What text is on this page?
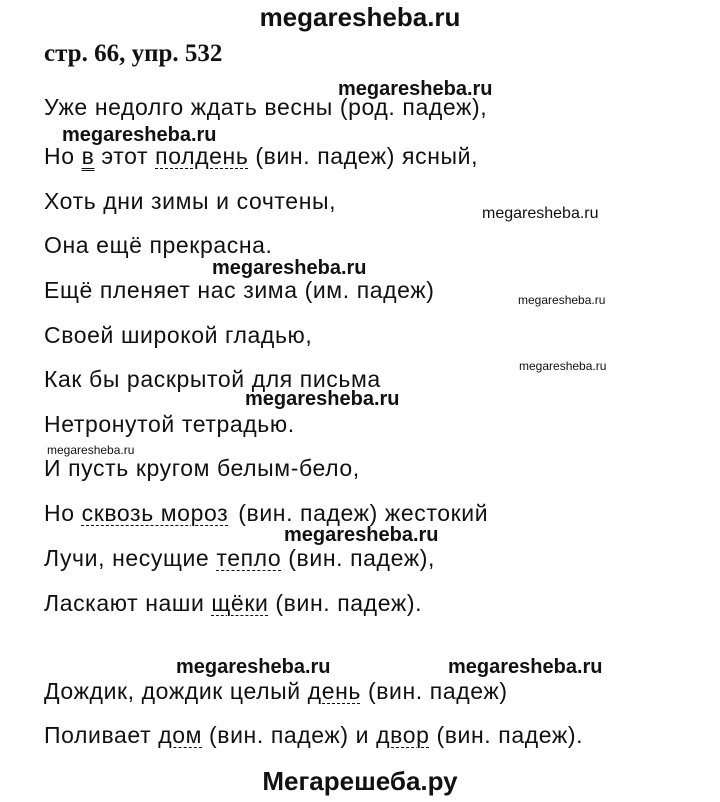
megaresheba.ru
стр. 66, упр. 532
Уже недолго ждать весны (род. падеж),
Но в этот полдень (вин. падеж) ясный,
Хоть дни зимы и сочтены,
Она ещё прекрасна.
Ещё пленяет нас зима (им. падеж)
Своей широкой гладью,
Как бы раскрытой для письма
Нетронутой тетрадью.
И пусть кругом белым-бело,
Но сквозь мороз (вин. падеж) жестокий
Лучи, несущие тепло (вин. падеж),
Ласкают наши щёки (вин. падеж).
Дождик, дождик целый день (вин. падеж)
Поливает дом (вин. падеж) и двор (вин. падеж).
megaresheba.ru
megaresheba.ru
megaresheba.ru
megaresheba.ru
megaresheba.ru
megaresheba.ru
megaresheba.ru
megaresheba.ru
megaresheba.ru
megaresheba.ru	megaresheba.ru
Мегарешеба.ру
